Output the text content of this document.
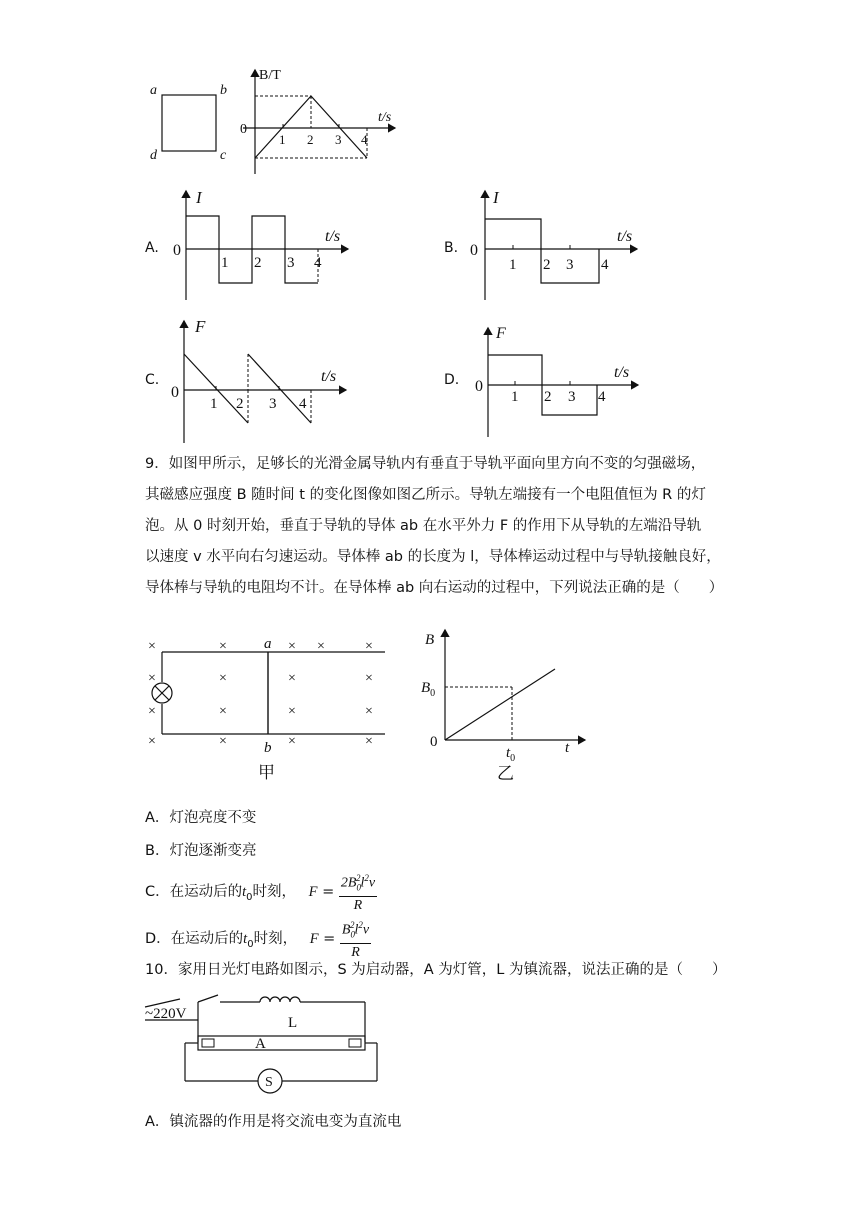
a	b
d	c
B/T
t/s
0
1 2 3 4
A.
I
t/s
0
1 2 3 4
B.
I
t/s
0
1 2 3 4
C.
F
t/s
0
1 2 3 4
D.
F
t/s
0
1 2 3 4
9．如图甲所示，足够长的光滑金属导轨内有垂直于导轨平面向里方向不变的匀强磁场，
其磁感应强度 B 随时间 t 的变化图像如图乙所示。导轨左端接有一个电阻值恒为 R 的灯
泡。从 0 时刻开始，垂直于导轨的导体 ab 在水平外力 F 的作用下从导轨的左端沿导轨
以速度 v 水平向右匀速运动。导体棒 ab 的长度为 l，导体棒运动过程中与导轨接触良好，
导体棒与导轨的电阻均不计。在导体棒 ab 向右运动的过程中，下列说法正确的是（　　）
a
b
×	×	× ×	×
×	×	×	×
×	×	×	×
×	×	×	×
甲
B
t
0
$B_0$
$t_0$
乙
A．灯泡亮度不变
B．灯泡逐渐变亮
C．在运动后的$t_0$时刻， $F = \frac{2B_0^2l^2v}{R}$
D．在运动后的$t_0$时刻， $F = \frac{B_0^2l^2v}{R}$
10．家用日光灯电路如图示，S 为启动器，A 为灯管，L 为镇流器，说法正确的是（　　）
~220V
L
A
S
A．镇流器的作用是将交流电变为直流电
